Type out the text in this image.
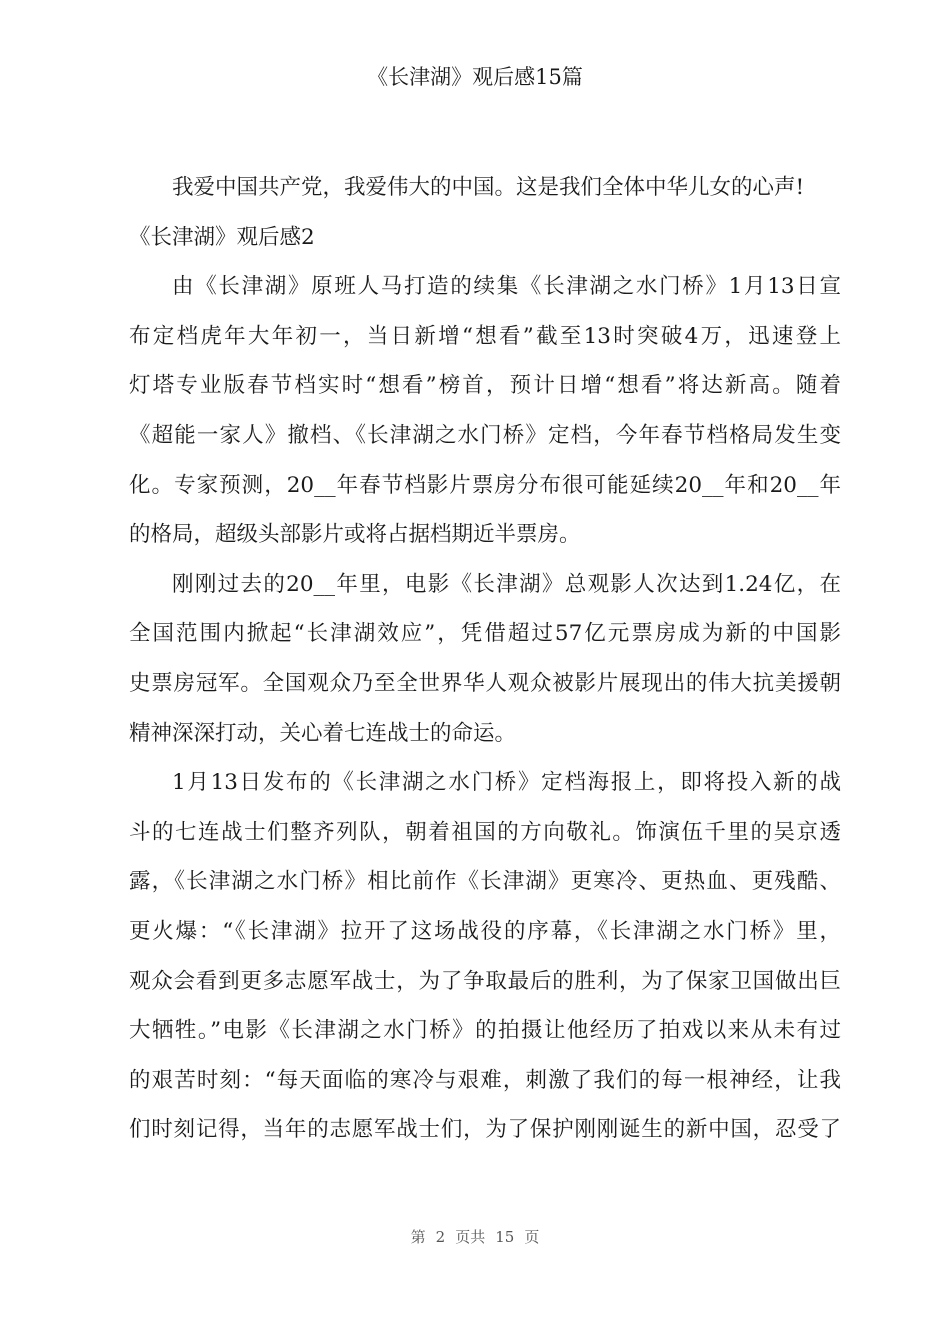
《长津湖》观后感15篇
我爱中国共产党，我爱伟大的中国。这是我们全体中华儿女的心声!
《长津湖》观后感2
由《长津湖》原班人马打造的续集《长津湖之水门桥》1月13日宣
布定档虎年大年初一，当日新增“想看”截至13时突破4万，迅速登上
灯塔专业版春节档实时“想看”榜首，预计日增“想看”将达新高。随着
《超能一家人》撤档、《长津湖之水门桥》定档，今年春节档格局发生变
化。专家预测，20__年春节档影片票房分布很可能延续20__年和20__年
的格局，超级头部影片或将占据档期近半票房。
刚刚过去的20__年里，电影《长津湖》总观影人次达到1.24亿，在
全国范围内掀起“长津湖效应”，凭借超过57亿元票房成为新的中国影
史票房冠军。全国观众乃至全世界华人观众被影片展现出的伟大抗美援朝
精神深深打动，关心着七连战士的命运。
1月13日发布的《长津湖之水门桥》定档海报上，即将投入新的战
斗的七连战士们整齐列队，朝着祖国的方向敬礼。饰演伍千里的吴京透
露，《长津湖之水门桥》相比前作《长津湖》更寒冷、更热血、更残酷、
更火爆：“《长津湖》拉开了这场战役的序幕，《长津湖之水门桥》里，
观众会看到更多志愿军战士，为了争取最后的胜利，为了保家卫国做出巨
大牺牲。”电影《长津湖之水门桥》的拍摄让他经历了拍戏以来从未有过
的艰苦时刻：“每天面临的寒冷与艰难，刺激了我们的每一根神经，让我
们时刻记得，当年的志愿军战士们，为了保护刚刚诞生的新中国，忍受了
第 2 页共 15 页
